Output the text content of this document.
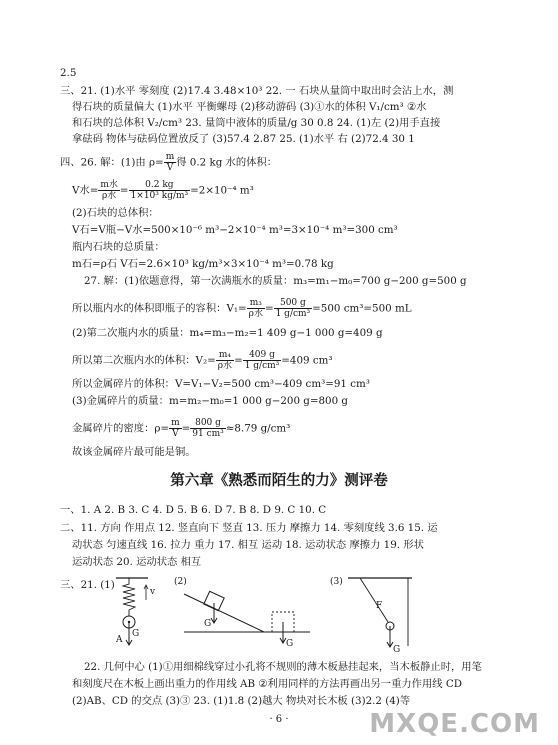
2.5
三、21. (1)水平 零刻度 (2)17.4 3.48×10³ 22. 一 石块从量筒中取出时会沾上水，测
得石块的质量偏大 (1)水平 平衡螺母 (2)移动游码 (3)①水的体积 V₁/cm³ ②水
和石块的总体积 V₂/cm³ 23. 量筒中液体的质量/g 30 0.8 24. (1)左 (2)用手直接
拿砝码 物体与砝码位置放反了 (3)57.4 2.87 25. (1)水平 右 (2)72.4 30 1
四、26. 解：(1)由 $\rho= \frac{m}{V}$ 得 0.2 kg 水的体积：
V水= $\frac{\text{m水}}{\text{ρ水}} = \frac{0.2 kg}{\text{1×10³ kg/m³}} =2\times 10^{-4}$ m³
(2)石块的总体积：
V石=V瓶−V水=500×10⁻⁶ m³−2×10⁻⁴ m³=3×10⁻⁴ m³=300 cm³
瓶内石块的总质量：
m石=ρ石 V石=2.6×10³ kg/m³×3×10⁻⁴ m³=0.78 kg
27. 解：(1)依题意得，第一次满瓶水的质量：m₃=m₁−m₀=700 g−200 g=500 g
所以瓶内水的体积即瓶子的容积：$V_1= \frac{\text{m₃}}{\text{ρ水}} = \frac{500 g}{\text{1 g/cm³}} =500$ cm³=500 mL
(2)第二次瓶内水的质量：m₄=m₃−m₂=1 409 g−1 000 g=409 g
所以第二次瓶内水的体积：$V_2= \frac{\text{m₄}}{\text{ρ水}} = \frac{409 g}{\text{1 g/cm³}} =409$ cm³
所以金属碎片的体积：V=V₁−V₂=500 cm³−409 cm³=91 cm³
(3)金属碎片的质量：m=m₂−m₀=1 000 g−200 g=800 g
金属碎片的密度：$\rho= \frac{m}{V} = \frac{800 g}{\text{91 cm³}} \approx 8.79$ g/cm³
故该金属碎片最可能是铜。
第六章《熟悉而陌生的力》测评卷
一、1. A 2. B 3. C 4. D 5. B 6. D 7. B 8. D 9. C 10. C
二、11. 方向 作用点 12. 竖直向下 竖直 13. 压力 摩擦力 14. 零刻度线 3.6 15. 运
动状态 匀速直线 16. 拉力 重力 17. 相互 运动 18. 运动状态 摩擦力 19. 形状
运动状态 20. 运动状态 相互
三、21. (1)
v
G
A
(2)
G
G
(3)
F
G
22. 几何中心 (1)①用细棉线穿过小孔将不规则的薄木板悬挂起来，当木板静止时，用笔
和刻度尺在木板上画出重力的作用线 AB ②利用同样的方法再画出另一重力作用线 CD
(2)AB、CD 的交点 (3)③ 23. (1)1.8 (2)越大 物块对长木板 (3)2.2 (4)等
· 6 ·	MXQE.COM
